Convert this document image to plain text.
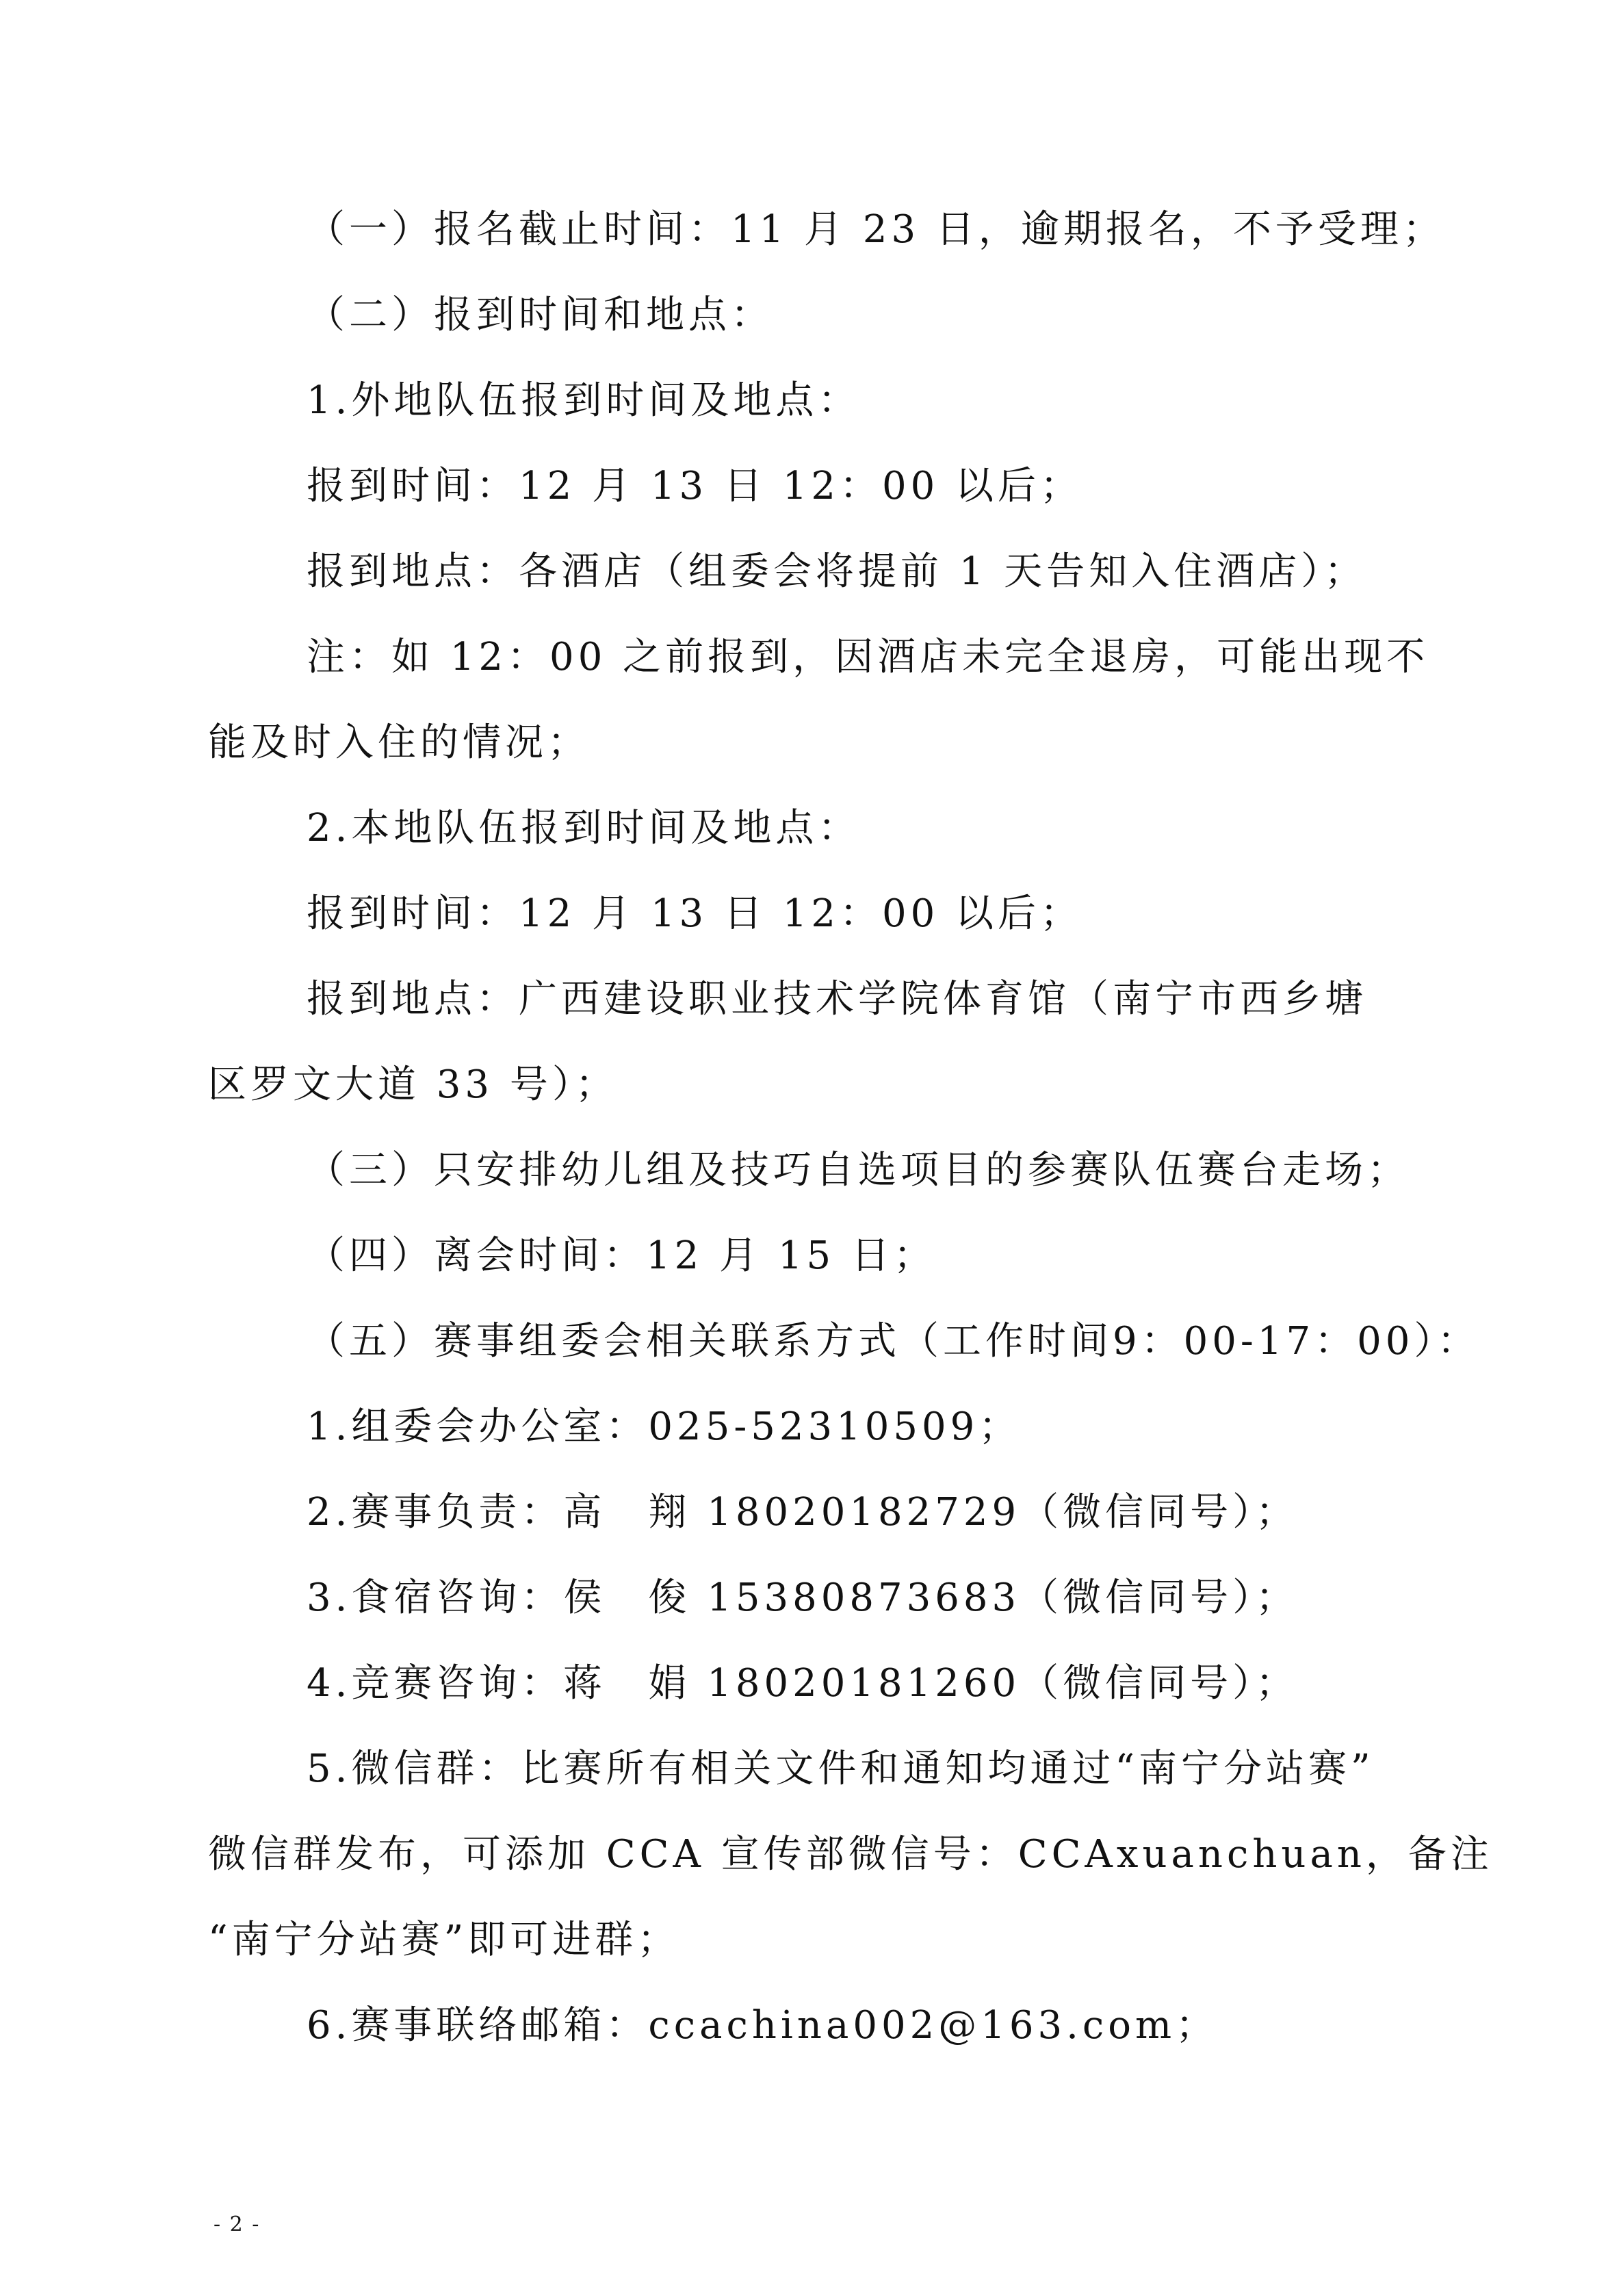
（一）报名截止时间：11 月 23 日，逾期报名，不予受理；
（二）报到时间和地点：
1.外地队伍报到时间及地点：
报到时间：12 月 13 日 12：00 以后；
报到地点：各酒店（组委会将提前 1 天告知入住酒店）；
注：如 12：00 之前报到，因酒店未完全退房，可能出现不
能及时入住的情况；
2.本地队伍报到时间及地点：
报到时间：12 月 13 日 12：00 以后；
报到地点：广西建设职业技术学院体育馆（南宁市西乡塘
区罗文大道 33 号）；
（三）只安排幼儿组及技巧自选项目的参赛队伍赛台走场；
（四）离会时间：12 月 15 日；
（五）赛事组委会相关联系方式（工作时间9：00-17：00）：
1.组委会办公室：025-52310509；
2.赛事负责：高　翔 18020182729（微信同号）；
3.食宿咨询：侯　俊 15380873683（微信同号）；
4.竞赛咨询：蒋　娟 18020181260（微信同号）；
5.微信群：比赛所有相关文件和通知均通过“南宁分站赛”
微信群发布，可添加 CCA 宣传部微信号：CCAxuanchuan，备注
“南宁分站赛”即可进群；
6.赛事联络邮箱：ccachina002@163.com；
- 2 -
